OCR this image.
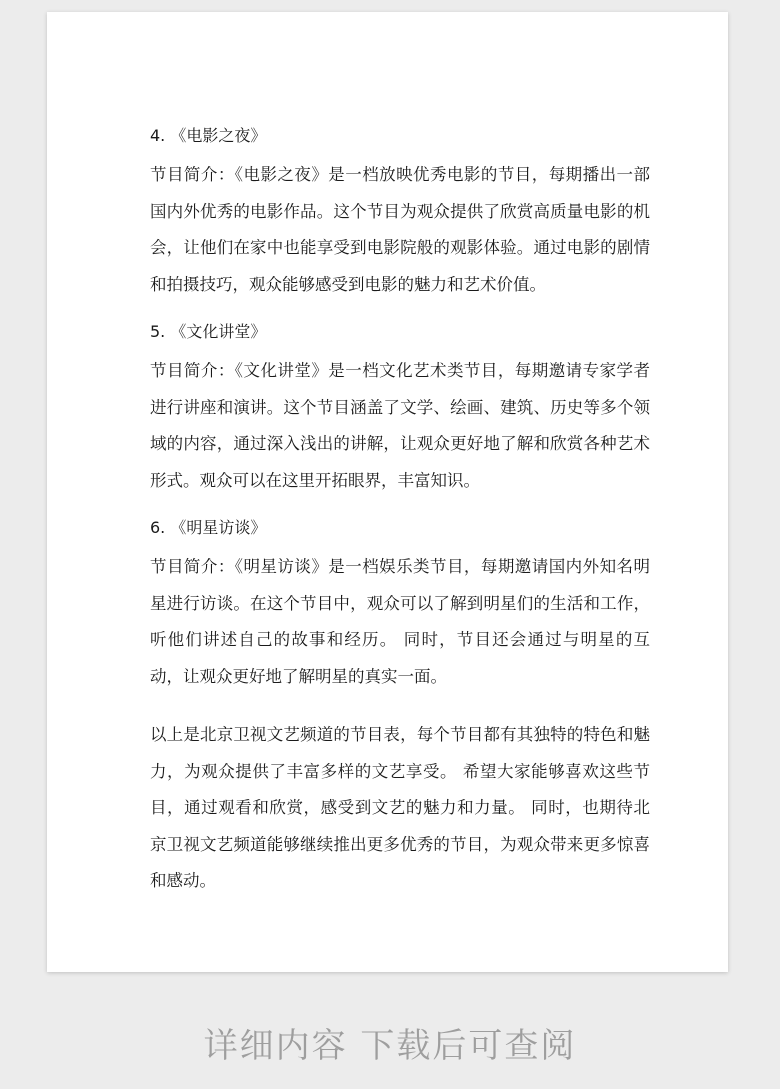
4. 《电影之夜》

节目简介：《电影之夜》是一档放映优秀电影的节目，每期播出一部国内外优秀的电影作品。这个节目为观众提供了欣赏高质量电影的机会，让他们在家中也能享受到电影院般的观影体验。通过电影的剧情和拍摄技巧，观众能够感受到电影的魅力和艺术价值。

5. 《文化讲堂》

节目简介：《文化讲堂》是一档文化艺术类节目，每期邀请专家学者进行讲座和演讲。这个节目涵盖了文学、绘画、建筑、历史等多个领域的内容，通过深入浅出的讲解，让观众更好地了解和欣赏各种艺术形式。观众可以在这里开拓眼界，丰富知识。

6. 《明星访谈》

节目简介：《明星访谈》是一档娱乐类节目，每期邀请国内外知名明星进行访谈。在这个节目中，观众可以了解到明星们的生活和工作，听他们讲述自己的故事和经历。 同时，节目还会通过与明星的互动，让观众更好地了解明星的真实一面。

以上是北京卫视文艺频道的节目表，每个节目都有其独特的特色和魅力，为观众提供了丰富多样的文艺享受。 希望大家能够喜欢这些节目，通过观看和欣赏，感受到文艺的魅力和力量。 同时，也期待北京卫视文艺频道能够继续推出更多优秀的节目，为观众带来更多惊喜和感动。

详细内容 下载后可查阅
